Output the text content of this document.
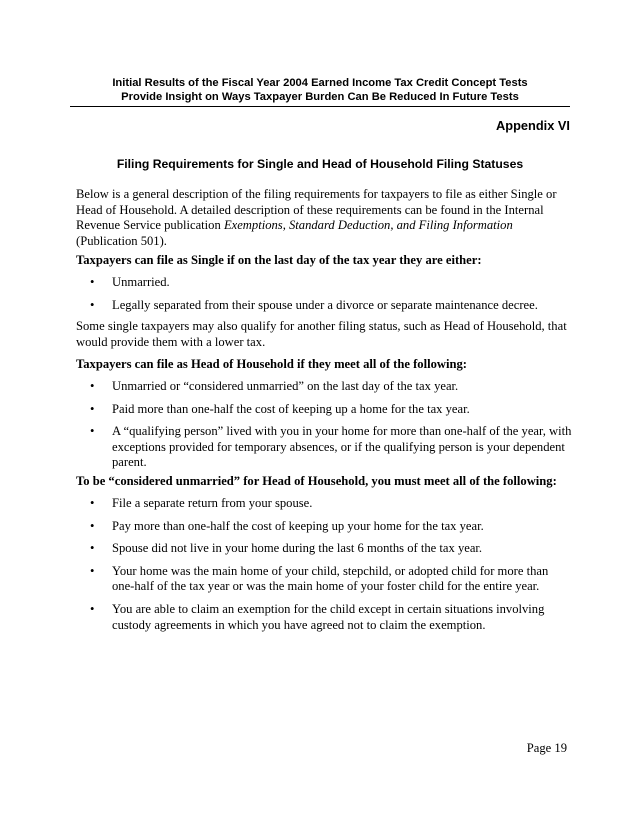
Initial Results of the Fiscal Year 2004 Earned Income Tax Credit Concept Tests
Provide Insight on Ways Taxpayer Burden Can Be Reduced In Future Tests
Appendix VI
Filing Requirements for Single and Head of Household Filing Statuses

Below is a general description of the filing requirements for taxpayers to file as either Single or Head of Household. A detailed description of these requirements can be found in the Internal Revenue Service publication Exemptions, Standard Deduction, and Filing Information (Publication 501).

Taxpayers can file as Single if on the last day of the tax year they are either:
• Unmarried.
• Legally separated from their spouse under a divorce or separate maintenance decree.
Some single taxpayers may also qualify for another filing status, such as Head of Household, that would provide them with a lower tax.
Taxpayers can file as Head of Household if they meet all of the following:
• Unmarried or “considered unmarried” on the last day of the tax year.
• Paid more than one-half the cost of keeping up a home for the tax year.
• A “qualifying person” lived with you in your home for more than one-half of the year, with exceptions provided for temporary absences, or if the qualifying person is your dependent parent.
To be “considered unmarried” for Head of Household, you must meet all of the following:
• File a separate return from your spouse.
• Pay more than one-half the cost of keeping up your home for the tax year.
• Spouse did not live in your home during the last 6 months of the tax year.
• Your home was the main home of your child, stepchild, or adopted child for more than one-half of the tax year or was the main home of your foster child for the entire year.
• You are able to claim an exemption for the child except in certain situations involving custody agreements in which you have agreed not to claim the exemption.
Page 19
